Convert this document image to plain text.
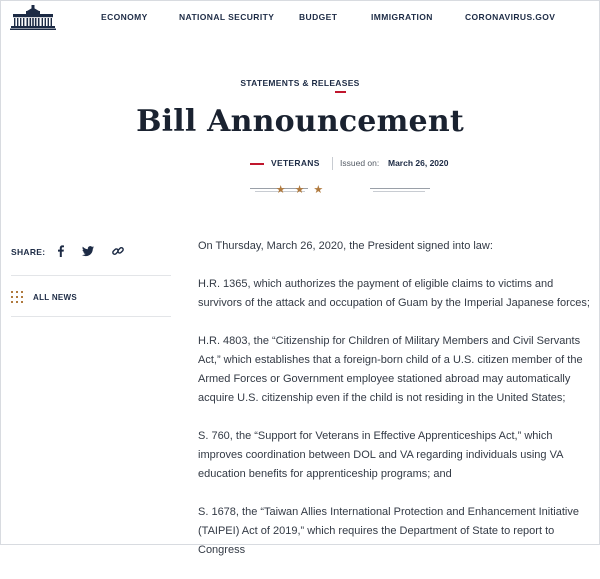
ECONOMY	NATIONAL SECURITY	BUDGET	IMMIGRATION	CORONAVIRUS.GOV
STATEMENTS & RELEASES
Bill Announcement
VETERANS Issued on: March 26, 2020
★★★
SHARE:
ALL NEWS

On Thursday, March 26, 2020, the President signed into law:

H.R. 1365, which authorizes the payment of eligible claims to victims and survivors of the attack and occupation of Guam by the Imperial Japanese forces;

H.R. 4803, the “Citizenship for Children of Military Members and Civil Servants Act,” which establishes that a foreign-born child of a U.S. citizen member of the Armed Forces or Government employee stationed abroad may automatically acquire U.S. citizenship even if the child is not residing in the United States;

S. 760, the “Support for Veterans in Effective Apprenticeships Act,” which improves coordination between DOL and VA regarding individuals using VA education benefits for apprenticeship programs; and

S. 1678, the “Taiwan Allies International Protection and Enhancement Initiative (TAIPEI) Act of 2019,” which requires the Department of State to report to Congress
